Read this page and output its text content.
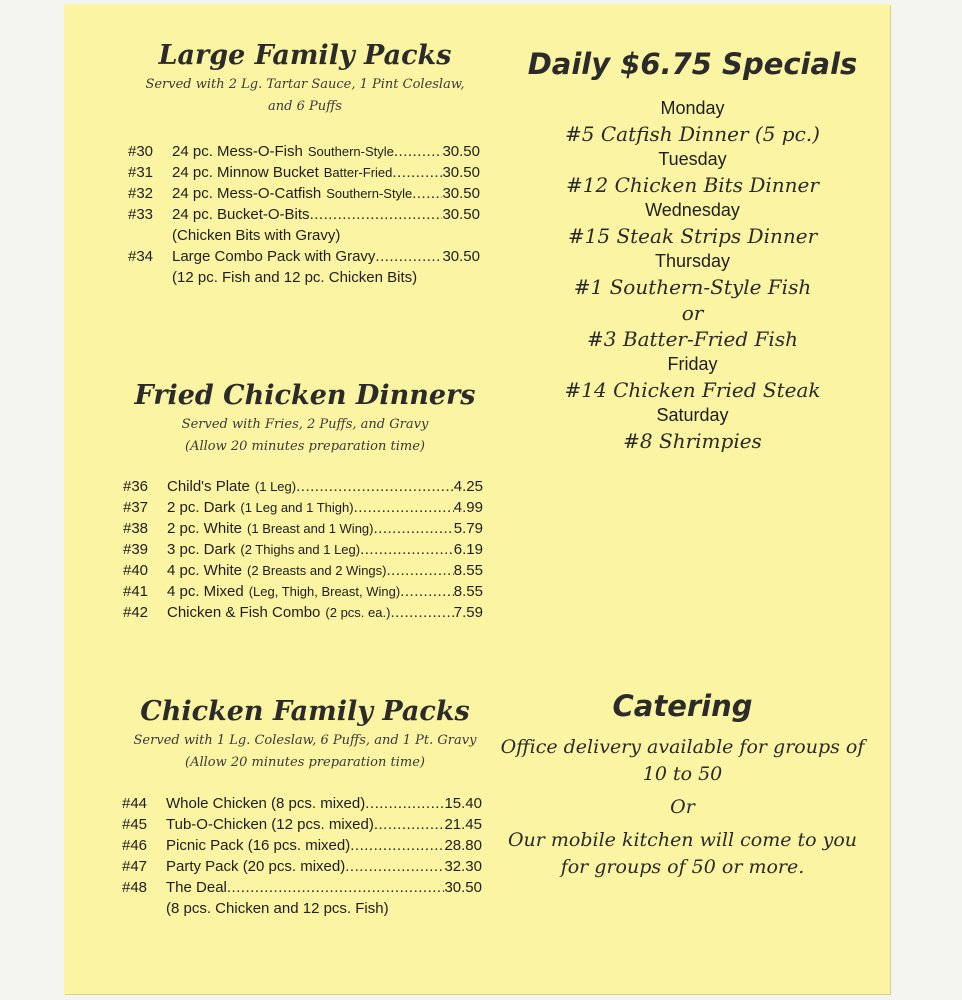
Large Family Packs

Served with 2 Lg. Tartar Sauce, 1 Pint Coleslaw,

and 6 Puffs

#30	24 pc. Mess-O-Fish Southern-Style .....	30.50
#31	24 pc. Minnow Bucket Batter-Fried .....	30.50
#32	24 pc. Mess-O-Catfish Southern-Style ..... 30.50
#33	24 pc. Bucket-O-Bits .....	30.50
(Chicken Bits with Gravy)
#34	Large Combo Pack with Gravy .....	30.50
(12 pc. Fish and 12 pc. Chicken Bits)
Fried Chicken Dinners

Served with Fries, 2 Puffs, and Gravy

(Allow 20 minutes preparation time)

#36	Child's Plate (1 Leg) .....	4.25
#37	2 pc. Dark (1 Leg and 1 Thigh) .....	4.99
#38	2 pc. White (1 Breast and 1 Wing) .....	5.79
#39	3 pc. Dark (2 Thighs and 1 Leg) .....	6.19
#40	4 pc. White (2 Breasts and 2 Wings) .....	8.55
#41	4 pc. Mixed (Leg, Thigh, Breast, Wing) .....	8.55
#42	Chicken & Fish Combo (2 pcs. ea.) .....	7.59
Chicken Family Packs

Served with 1 Lg. Coleslaw, 6 Puffs, and 1 Pt. Gravy

(Allow 20 minutes preparation time)

#44	Whole Chicken (8 pcs. mixed) .....	15.40
#45	Tub-O-Chicken (12 pcs. mixed) .....	21.45
#46	Picnic Pack (16 pcs. mixed) .....	28.80
#47	Party Pack (20 pcs. mixed) .....	32.30
#48	The Deal .....	30.50
(8 pcs. Chicken and 12 pcs. Fish)
Daily $6.75 Specials
Monday
#5 Catfish Dinner (5 pc.)
Tuesday
#12 Chicken Bits Dinner
Wednesday
#15 Steak Strips Dinner
Thursday
#1 Southern-Style Fish
or
#3 Batter-Fried Fish
Friday
#14 Chicken Fried Steak
Saturday
#8 Shrimpies
Catering
Office delivery available for groups of
10 to 50
Or
Our mobile kitchen will come to you
for groups of 50 or more.
